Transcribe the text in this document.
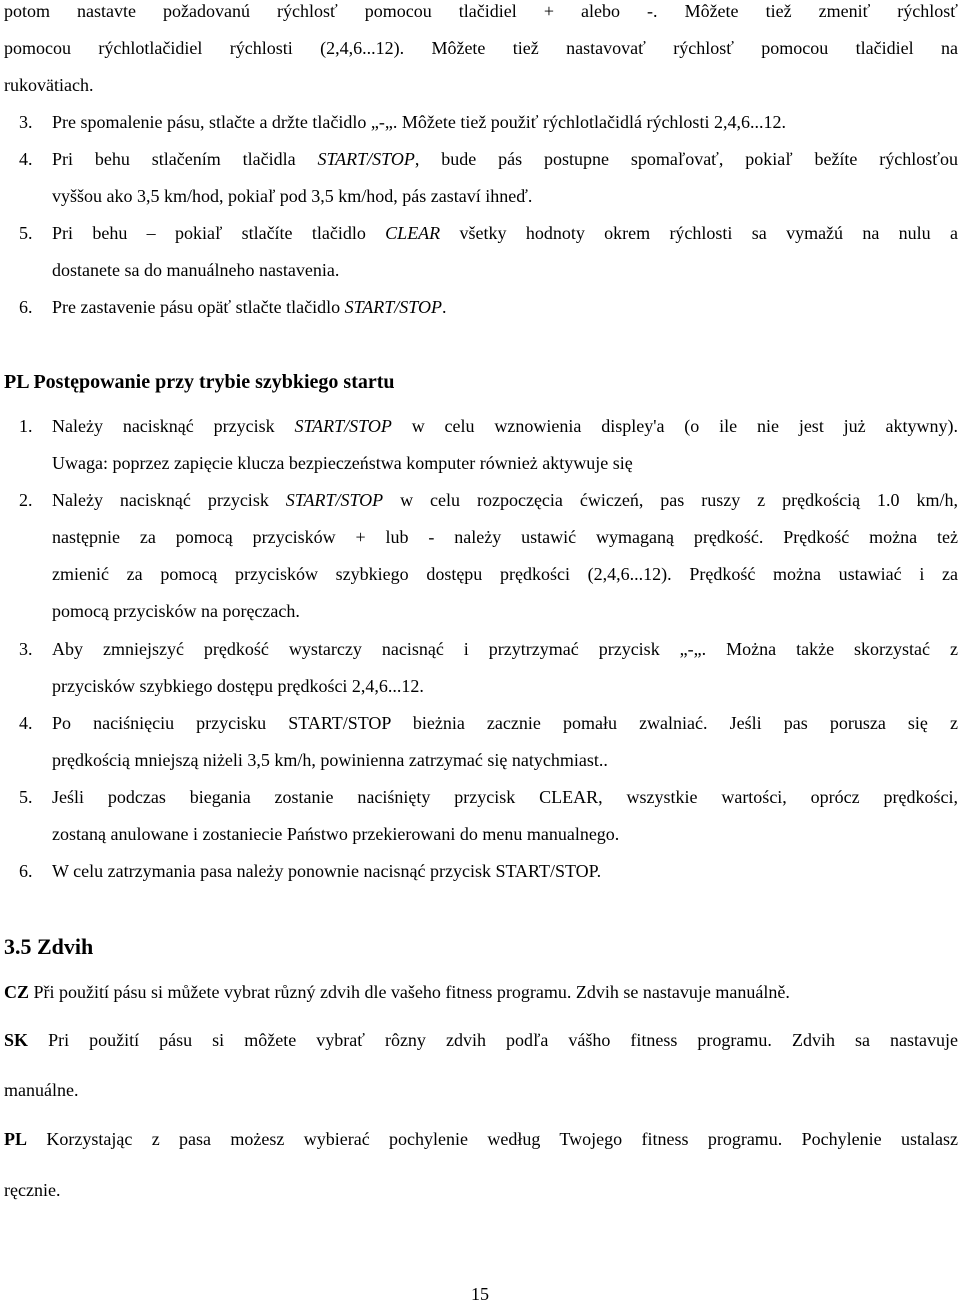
potom nastavte požadovanú rýchlosť pomocou tlačidiel + alebo -. Môžete tiež zmeniť rýchlosť
pomocou rýchlotlačidiel rýchlosti (2,4,6...12). Môžete tiež nastavovať rýchlosť pomocou tlačidiel na
rukovätiach.
3.	Pre spomalenie pásu, stlačte a držte tlačidlo „-„. Môžete tiež použiť rýchlotlačidlá rýchlosti 2,4,6...12.
4.	Pri behu stlačením tlačidla START/STOP, bude pás postupne spomaľovať, pokiaľ bežíte rýchlosťou
vyššou ako 3,5 km/hod, pokiaľ pod 3,5 km/hod, pás zastaví ihneď.
5.	Pri behu – pokiaľ stlačíte tlačidlo CLEAR všetky hodnoty okrem rýchlosti sa vymažú na nulu a
dostanete sa do manuálneho nastavenia.
6.	Pre zastavenie pásu opäť stlačte tlačidlo START/STOP.
PL Postępowanie przy trybie szybkiego startu
1.	Należy nacisknąć przycisk START/STOP w celu wznowienia displey'a (o ile nie jest już aktywny).
Uwaga: poprzez zapięcie klucza bezpieczeństwa komputer również aktywuje się
2.	Należy nacisknąć przycisk START/STOP w celu rozpoczęcia ćwiczeń, pas ruszy z prędkością 1.0 km/h,
następnie za pomocą przycisków + lub - należy ustawić wymaganą prędkość. Prędkość można też
zmienić za pomocą przycisków szybkiego dostępu prędkości (2,4,6...12). Prędkość można ustawiać i za
pomocą przycisków na poręczach.
3.	Aby zmniejszyć prędkość wystarczy nacisnąć i przytrzymać przycisk „-„. Można także skorzystać z
przycisków szybkiego dostępu prędkości 2,4,6...12.
4.	Po naciśnięciu przycisku START/STOP bieżnia zacznie pomału zwalniać. Jeśli pas porusza się z
prędkością mniejszą niżeli 3,5 km/h, powinienna zatrzymać się natychmiast..
5.	Jeśli podczas biegania zostanie naciśnięty przycisk CLEAR, wszystkie wartości, oprócz prędkości,
zostaną anulowane i zostaniecie Państwo przekierowani do menu manualnego.
6.	W celu zatrzymania pasa należy ponownie nacisnąć przycisk START/STOP.
3.5 Zdvih
CZ Při použití pásu si můžete vybrat různý zdvih dle vašeho fitness programu. Zdvih se nastavuje manuálně.
SK Pri použití pásu si môžete vybrať rôzny zdvih podľa vášho fitness programu. Zdvih sa nastavuje
manuálne.
PL Korzystając z pasa możesz wybierać pochylenie według Twojego fitness programu. Pochylenie ustalasz
ręcznie.
15
